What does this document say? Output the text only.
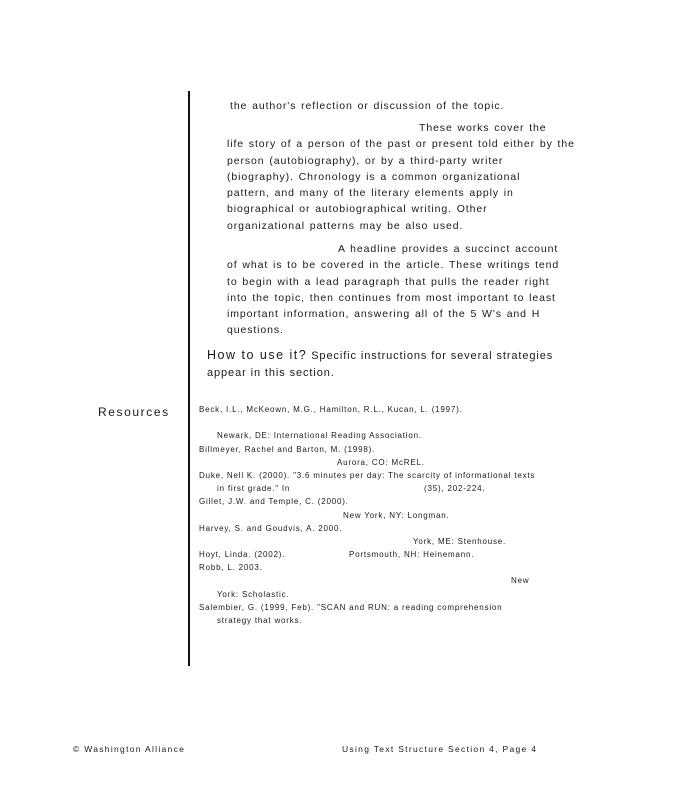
the author's reflection or discussion of the topic.
These works cover the
life story of a person of the past or present told either by the
person (autobiography), or by a third-party writer
(biography). Chronology is a common organizational
pattern, and many of the literary elements apply in
biographical or autobiographical writing. Other
organizational patterns may be also used.
A headline provides a succinct account
of what is to be covered in the article. These writings tend
to begin with a lead paragraph that pulls the reader right
into the topic, then continues from most important to least
important information, answering all of the 5 W's and H
questions.
How to use it? Specific instructions for several strategies
appear in this section.
Resources	Beck, I.L., McKeown, M.G., Hamilton, R.L., Kucan, L. (1997).
Newark, DE: International Reading Association.
Billmeyer, Rachel and Barton, M. (1998).
Aurora, CO: McREL.
Duke, Nell K. (2000). "3.6 minutes per day: The scarcity of informational texts
in first grade." In	(35), 202-224.
Gillet, J.W. and Temple, C. (2000).
New York, NY: Longman.
Harvey, S. and Goudvis, A. 2000.
York, ME: Stenhouse.
Hoyt, Linda. (2002).	Portsmouth, NH: Heinemann.
Robb, L. 2003.
New
York: Scholastic.
Salembier, G. (1999, Feb). "SCAN and RUN: a reading comprehension
strategy that works.
© Washington Alliance	Using Text Structure Section 4, Page 4
